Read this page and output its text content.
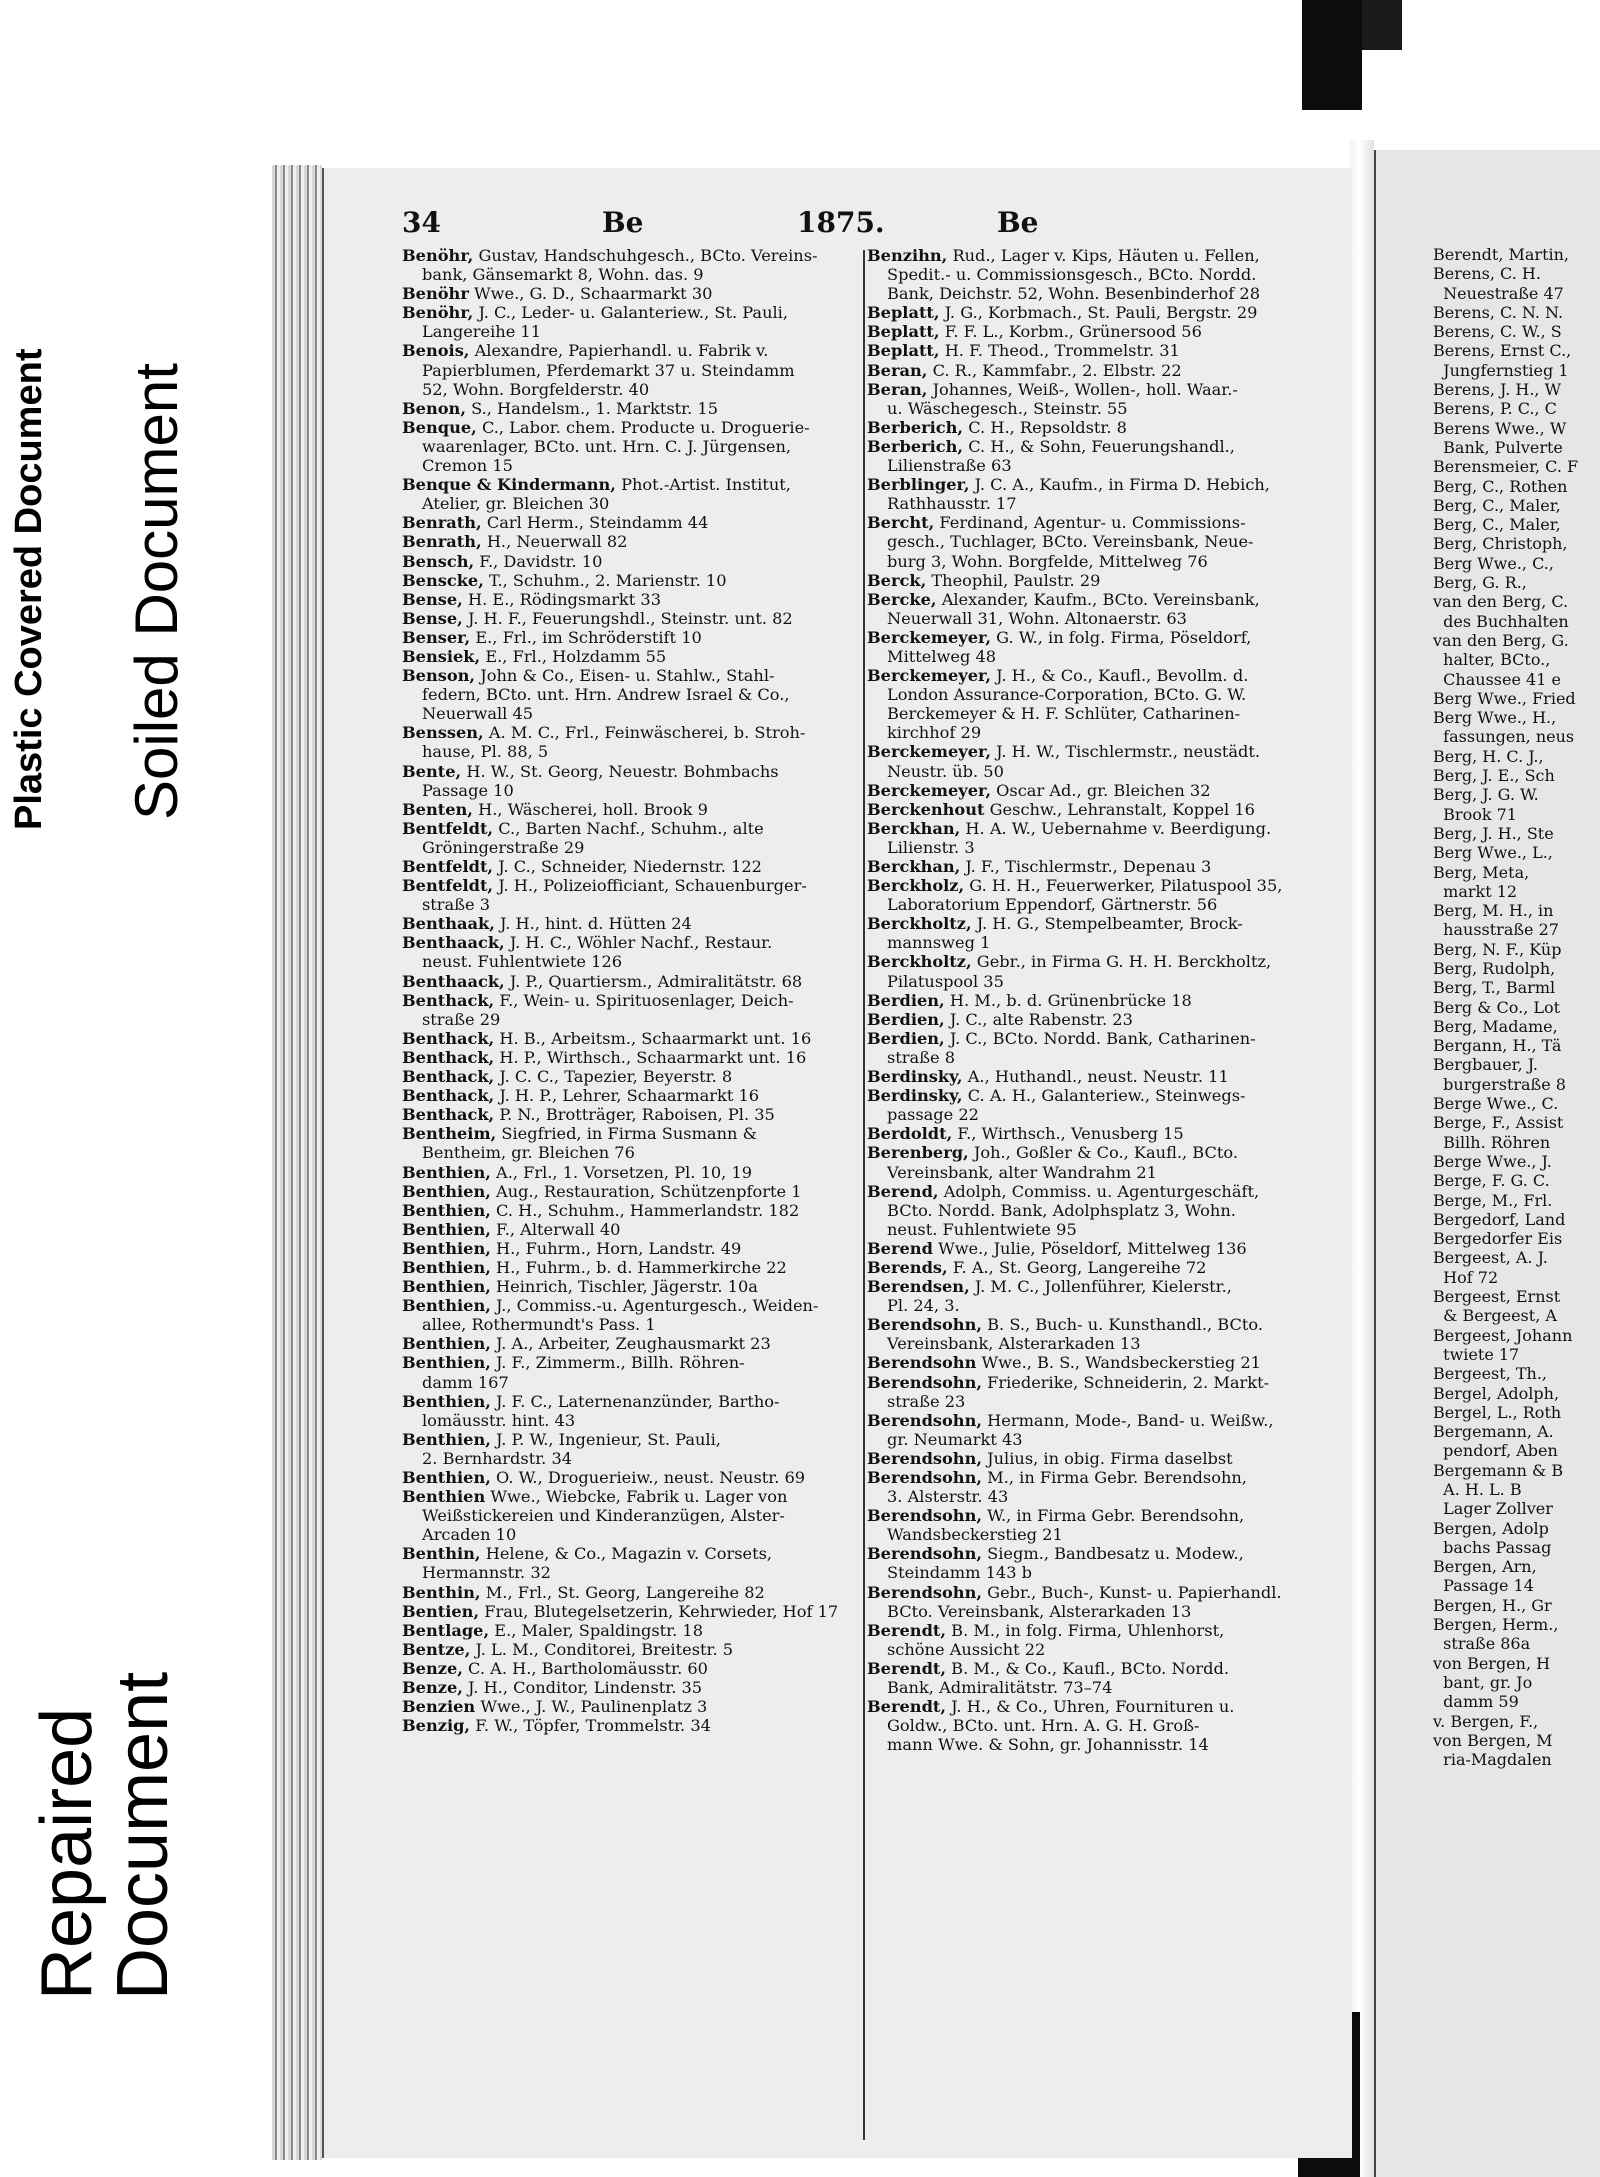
Plastic Covered Document Soiled Document
Repaired
Document
Berendt, Martin,
Berens, C. H.
Neuestraße 47
Berens, C. N. N.
Berens, C. W., S
Berens, Ernst C.,
Jungfernstieg 1
Berens, J. H., W
Berens, P. C., C
Berens Wwe., W
Bank, Pulverte
Berensmeier, C. F
Berg, C., Rothen
Berg, C., Maler,
Berg, C., Maler,
Berg, Christoph,
Berg Wwe., C.,
Berg, G. R.,
van den Berg, C.
des Buchhalten
van den Berg, G.
halter, BCto.,
Chaussee 41 e
Berg Wwe., Fried
Berg Wwe., H.,
fassungen, neus
Berg, H. C. J.,
Berg, J. E., Sch
Berg, J. G. W.
Brook 71
Berg, J. H., Ste
Berg Wwe., L.,
Berg, Meta,
markt 12
Berg, M. H., in
hausstraße 27
Berg, N. F., Küp
Berg, Rudolph,
Berg, T., Barml
Berg & Co., Lot
Berg, Madame,
Bergann, H., Tä
Bergbauer, J.
burgerstraße 8
Berge Wwe., C.
Berge, F., Assist
Billh. Röhren
Berge Wwe., J.
Berge, F. G. C.
Berge, M., Frl.
Bergedorf, Land
Bergedorfer Eis
Bergeest, A. J.
Hof 72
Bergeest, Ernst
& Bergeest, A
Bergeest, Johann
twiete 17
Bergeest, Th.,
Bergel, Adolph,
Bergel, L., Roth
Bergemann, A.
pendorf, Aben
Bergemann & B
A. H. L. B
Lager Zollver
Bergen, Adolp
bachs Passag
Bergen, Arn,
Passage 14
Bergen, H., Gr
Bergen, Herm.,
straße 86a
von Bergen, H
bant, gr. Jo
damm 59
v. Bergen, F.,
von Bergen, M
ria-Magdalen
34	Be	1875.	Be
Benöhr, Gustav, Handschuhgesch., BCto. Vereins-
bank, Gänsemarkt 8, Wohn. das. 9
Benöhr Wwe., G. D., Schaarmarkt 30
Benöhr, J. C., Leder- u. Galanteriew., St. Pauli,
Langereihe 11
Benois, Alexandre, Papierhandl. u. Fabrik v.
Papierblumen, Pferdemarkt 37 u. Steindamm
52, Wohn. Borgfelderstr. 40
Benon, S., Handelsm., 1. Marktstr. 15
Benque, C., Labor. chem. Producte u. Droguerie-
waarenlager, BCto. unt. Hrn. C. J. Jürgensen,
Cremon 15
Benque & Kindermann, Phot.-Artist. Institut,
Atelier, gr. Bleichen 30
Benrath, Carl Herm., Steindamm 44
Benrath, H., Neuerwall 82
Bensch, F., Davidstr. 10
Benscke, T., Schuhm., 2. Marienstr. 10
Bense, H. E., Rödingsmarkt 33
Bense, J. H. F., Feuerungshdl., Steinstr. unt. 82
Benser, E., Frl., im Schröderstift 10
Bensiek, E., Frl., Holzdamm 55
Benson, John & Co., Eisen- u. Stahlw., Stahl-
federn, BCto. unt. Hrn. Andrew Israel & Co.,
Neuerwall 45
Benssen, A. M. C., Frl., Feinwäscherei, b. Stroh-
hause, Pl. 88, 5
Bente, H. W., St. Georg, Neuestr. Bohmbachs
Passage 10
Benten, H., Wäscherei, holl. Brook 9
Bentfeldt, C., Barten Nachf., Schuhm., alte
Gröningerstraße 29
Bentfeldt, J. C., Schneider, Niedernstr. 122
Bentfeldt, J. H., Polizeiofficiant, Schauenburger-
straße 3
Benthaak, J. H., hint. d. Hütten 24
Benthaack, J. H. C., Wöhler Nachf., Restaur.
neust. Fuhlentwiete 126
Benthaack, J. P., Quartiersm., Admiralitätstr. 68
Benthack, F., Wein- u. Spirituosenlager, Deich-
straße 29
Benthack, H. B., Arbeitsm., Schaarmarkt unt. 16
Benthack, H. P., Wirthsch., Schaarmarkt unt. 16
Benthack, J. C. C., Tapezier, Beyerstr. 8
Benthack, J. H. P., Lehrer, Schaarmarkt 16
Benthack, P. N., Brotträger, Raboisen, Pl. 35
Bentheim, Siegfried, in Firma Susmann &
Bentheim, gr. Bleichen 76
Benthien, A., Frl., 1. Vorsetzen, Pl. 10, 19
Benthien, Aug., Restauration, Schützenpforte 1
Benthien, C. H., Schuhm., Hammerlandstr. 182
Benthien, F., Alterwall 40
Benthien, H., Fuhrm., Horn, Landstr. 49
Benthien, H., Fuhrm., b. d. Hammerkirche 22
Benthien, Heinrich, Tischler, Jägerstr. 10a
Benthien, J., Commiss.-u. Agenturgesch., Weiden-
allee, Rothermundt's Pass. 1
Benthien, J. A., Arbeiter, Zeughausmarkt 23
Benthien, J. F., Zimmerm., Billh. Röhren-
damm 167
Benthien, J. F. C., Laternenanzünder, Bartho-
lomäusstr. hint. 43
Benthien, J. P. W., Ingenieur, St. Pauli,
2. Bernhardstr. 34
Benthien, O. W., Droguerieiw., neust. Neustr. 69
Benthien Wwe., Wiebcke, Fabrik u. Lager von
Weißstickereien und Kinderanzügen, Alster-
Arcaden 10
Benthin, Helene, & Co., Magazin v. Corsets,
Hermannstr. 32
Benthin, M., Frl., St. Georg, Langereihe 82
Bentien, Frau, Blutegelsetzerin, Kehrwieder, Hof 17
Bentlage, E., Maler, Spaldingstr. 18
Bentze, J. L. M., Conditorei, Breitestr. 5
Benze, C. A. H., Bartholomäusstr. 60
Benze, J. H., Conditor, Lindenstr. 35
Benzien Wwe., J. W., Paulinenplatz 3
Benzig, F. W., Töpfer, Trommelstr. 34
Benzihn, Rud., Lager v. Kips, Häuten u. Fellen,
Spedit.- u. Commissionsgesch., BCto. Nordd.
Bank, Deichstr. 52, Wohn. Besenbinderhof 28
Beplatt, J. G., Korbmach., St. Pauli, Bergstr. 29
Beplatt, F. F. L., Korbm., Grünersood 56
Beplatt, H. F. Theod., Trommelstr. 31
Beran, C. R., Kammfabr., 2. Elbstr. 22
Beran, Johannes, Weiß-, Wollen-, holl. Waar.-
u. Wäschegesch., Steinstr. 55
Berberich, C. H., Repsoldstr. 8
Berberich, C. H., & Sohn, Feuerungshandl.,
Lilienstraße 63
Berblinger, J. C. A., Kaufm., in Firma D. Hebich,
Rathhausstr. 17
Bercht, Ferdinand, Agentur- u. Commissions-
gesch., Tuchlager, BCto. Vereinsbank, Neue-
burg 3, Wohn. Borgfelde, Mittelweg 76
Berck, Theophil, Paulstr. 29
Bercke, Alexander, Kaufm., BCto. Vereinsbank,
Neuerwall 31, Wohn. Altonaerstr. 63
Berckemeyer, G. W., in folg. Firma, Pöseldorf,
Mittelweg 48
Berckemeyer, J. H., & Co., Kaufl., Bevollm. d.
London Assurance-Corporation, BCto. G. W.
Berckemeyer & H. F. Schlüter, Catharinen-
kirchhof 29
Berckemeyer, J. H. W., Tischlermstr., neustädt.
Neustr. üb. 50
Berckemeyer, Oscar Ad., gr. Bleichen 32
Berckenhout Geschw., Lehranstalt, Koppel 16
Berckhan, H. A. W., Uebernahme v. Beerdigung.
Lilienstr. 3
Berckhan, J. F., Tischlermstr., Depenau 3
Berckholz, G. H. H., Feuerwerker, Pilatuspool 35,
Laboratorium Eppendorf, Gärtnerstr. 56
Berckholtz, J. H. G., Stempelbeamter, Brock-
mannsweg 1
Berckholtz, Gebr., in Firma G. H. H. Berckholtz,
Pilatuspool 35
Berdien, H. M., b. d. Grünenbrücke 18
Berdien, J. C., alte Rabenstr. 23
Berdien, J. C., BCto. Nordd. Bank, Catharinen-
straße 8
Berdinsky, A., Huthandl., neust. Neustr. 11
Berdinsky, C. A. H., Galanteriew., Steinwegs-
passage 22
Berdoldt, F., Wirthsch., Venusberg 15
Berenberg, Joh., Goßler & Co., Kaufl., BCto.
Vereinsbank, alter Wandrahm 21
Berend, Adolph, Commiss. u. Agenturgeschäft,
BCto. Nordd. Bank, Adolphsplatz 3, Wohn.
neust. Fuhlentwiete 95
Berend Wwe., Julie, Pöseldorf, Mittelweg 136
Berends, F. A., St. Georg, Langereihe 72
Berendsen, J. M. C., Jollenführer, Kielerstr.,
Pl. 24, 3.
Berendsohn, B. S., Buch- u. Kunsthandl., BCto.
Vereinsbank, Alsterarkaden 13
Berendsohn Wwe., B. S., Wandsbeckerstieg 21
Berendsohn, Friederike, Schneiderin, 2. Markt-
straße 23
Berendsohn, Hermann, Mode-, Band- u. Weißw.,
gr. Neumarkt 43
Berendsohn, Julius, in obig. Firma daselbst
Berendsohn, M., in Firma Gebr. Berendsohn,
3. Alsterstr. 43
Berendsohn, W., in Firma Gebr. Berendsohn,
Wandsbeckerstieg 21
Berendsohn, Siegm., Bandbesatz u. Modew.,
Steindamm 143 b
Berendsohn, Gebr., Buch-, Kunst- u. Papierhandl.
BCto. Vereinsbank, Alsterarkaden 13
Berendt, B. M., in folg. Firma, Uhlenhorst,
schöne Aussicht 22
Berendt, B. M., & Co., Kaufl., BCto. Nordd.
Bank, Admiralitätstr. 73–74
Berendt, J. H., & Co., Uhren, Fournituren u.
Goldw., BCto. unt. Hrn. A. G. H. Groß-
mann Wwe. & Sohn, gr. Johannisstr. 14
